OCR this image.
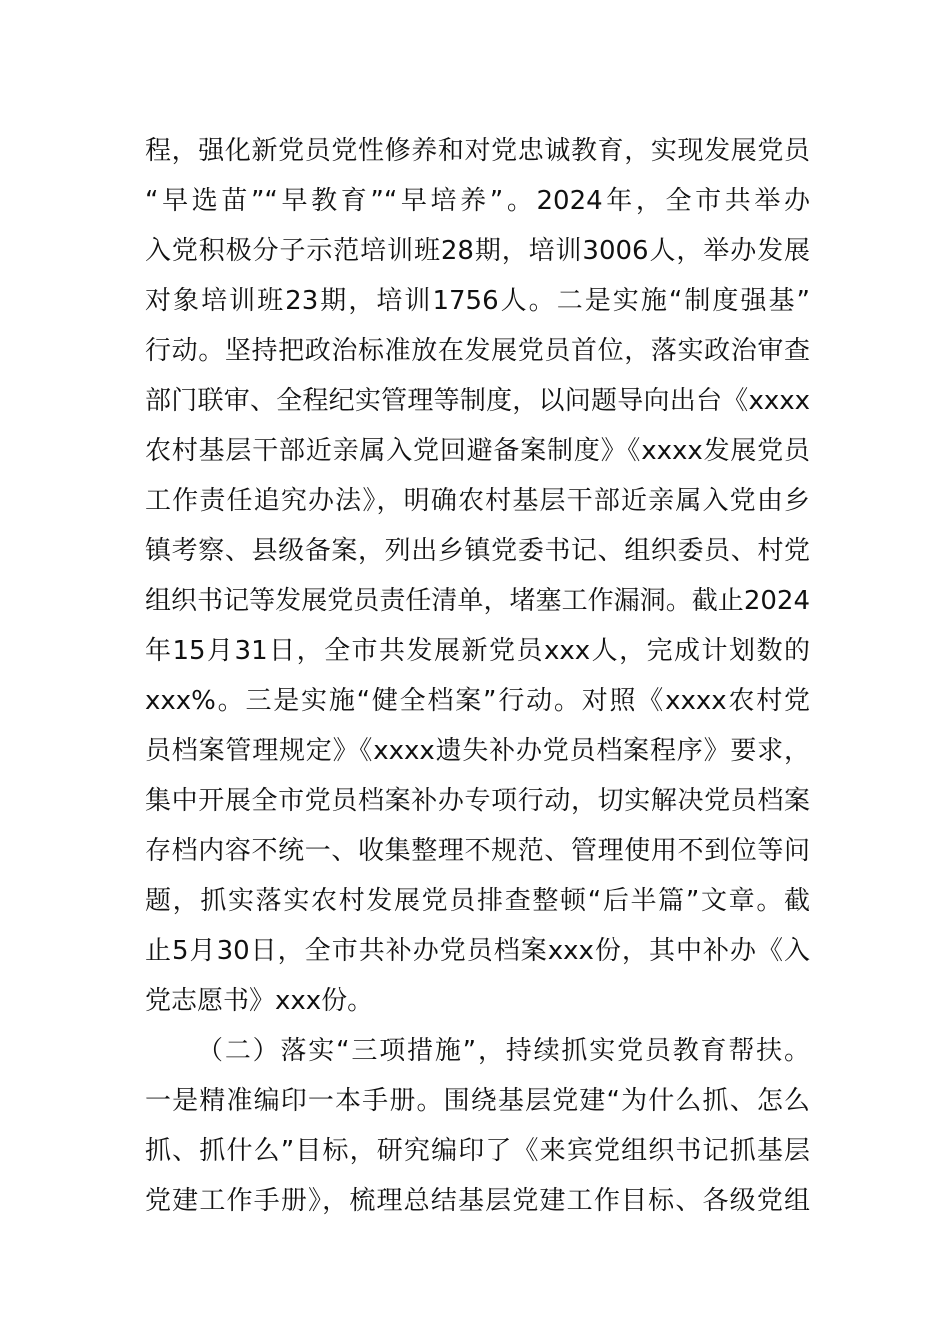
程，强化新党员党性修养和对党忠诚教育，实现发展党员
“早选苗”“早教育”“早培养”。2024年，全市共举办
入党积极分子示范培训班28期，培训3006人，举办发展
对象培训班23期，培训1756人。二是实施“制度强基”
行动。坚持把政治标准放在发展党员首位，落实政治审查
部门联审、全程纪实管理等制度，以问题导向出台《xxxx
农村基层干部近亲属入党回避备案制度》《xxxx发展党员
工作责任追究办法》，明确农村基层干部近亲属入党由乡
镇考察、县级备案，列出乡镇党委书记、组织委员、村党
组织书记等发展党员责任清单，堵塞工作漏洞。截止2024
年15月31日，全市共发展新党员xxx人，完成计划数的
xxx%。三是实施“健全档案”行动。对照《xxxx农村党
员档案管理规定》《xxxx遗失补办党员档案程序》要求，
集中开展全市党员档案补办专项行动，切实解决党员档案
存档内容不统一、收集整理不规范、管理使用不到位等问
题，抓实落实农村发展党员排查整顿“后半篇”文章。截
止5月30日，全市共补办党员档案xxx份，其中补办《入
党志愿书》xxx份。
（二）落实“三项措施”，持续抓实党员教育帮扶。
一是精准编印一本手册。围绕基层党建“为什么抓、怎么
抓、抓什么”目标，研究编印了《来宾党组织书记抓基层
党建工作手册》，梳理总结基层党建工作目标、各级党组
